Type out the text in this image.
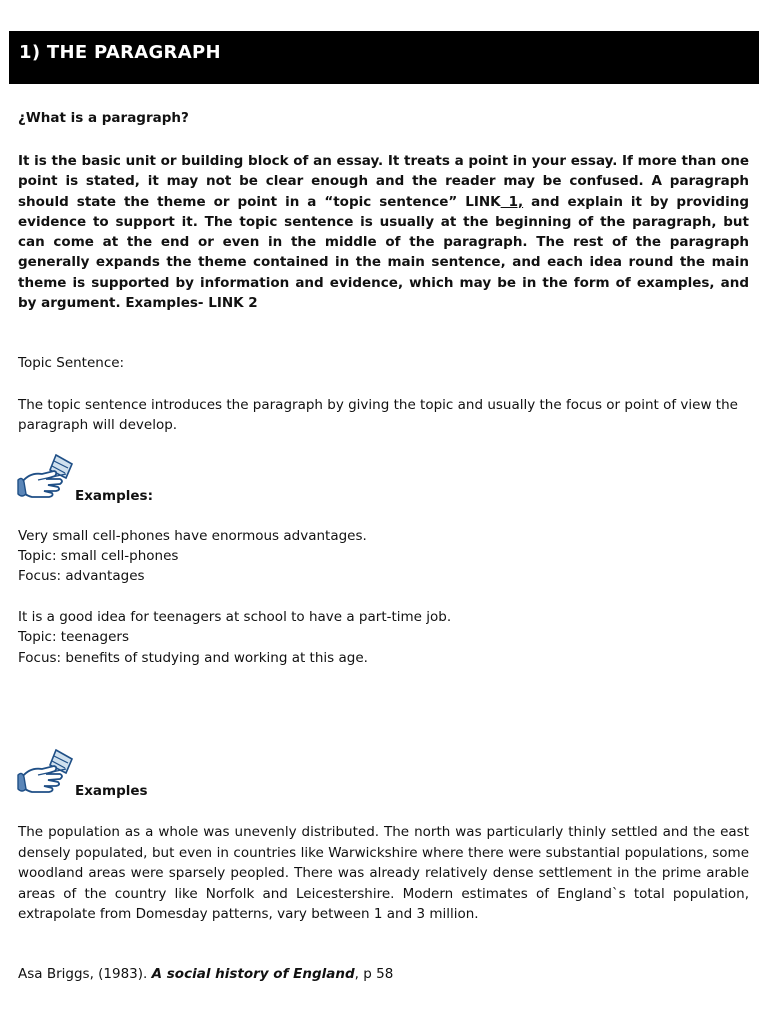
1) THE PARAGRAPH
¿What is a paragraph?
It is the basic unit or building block of an essay. It treats a point in your essay. If more than one point is stated, it may not be clear enough and the reader may be confused. A paragraph should state the theme or point in a “topic sentence” LINK 1, and explain it by providing evidence to support it. The topic sentence is usually at the beginning of the paragraph, but can come at the end or even in the middle of the paragraph. The rest of the paragraph generally expands the theme contained in the main sentence, and each idea round the main theme is supported by information and evidence, which may be in the form of examples, and by argument. Examples- LINK 2
Topic Sentence:
The topic sentence introduces the paragraph by giving the topic and usually the focus or point of view the paragraph will develop.
Examples:
Very small cell-phones have enormous advantages.
Topic: small cell-phones
Focus: advantages
It is a good idea for teenagers at school to have a part-time job.
Topic: teenagers
Focus: benefits of studying and working at this age.
Examples
The population as a whole was unevenly distributed. The north was particularly thinly settled and the east densely populated, but even in countries like Warwickshire where there were substantial populations, some woodland areas were sparsely peopled. There was already relatively dense settlement in the prime arable areas of the country like Norfolk and Leicestershire. Modern estimates of England`s total population, extrapolate from Domesday patterns, vary between 1 and 3 million.
Asa Briggs, (1983). A social history of England, p 58
